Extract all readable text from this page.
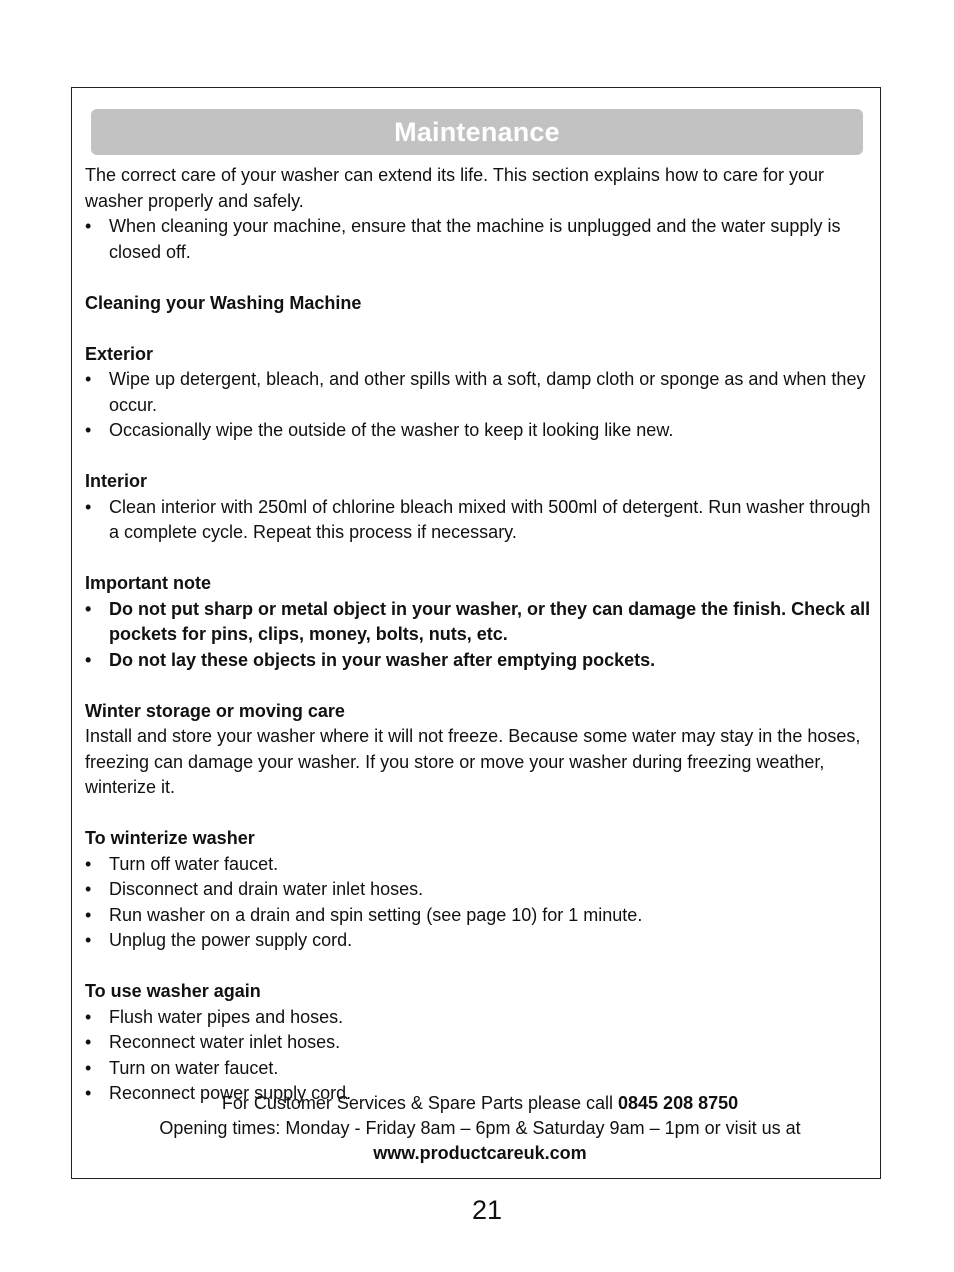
Maintenance

The correct care of your washer can extend its life. This section explains how to care for your washer properly and safely.

• When cleaning your machine, ensure that the machine is unplugged and the water supply is closed off.

Cleaning your Washing Machine

Exterior

• Wipe up detergent, bleach, and other spills with a soft, damp cloth or sponge as and when they occur.
• Occasionally wipe the outside of the washer to keep it looking like new.

Interior

• Clean interior with 250ml of chlorine bleach mixed with 500ml of detergent. Run washer through a complete cycle. Repeat this process if necessary.

Important note

• Do not put sharp or metal object in your washer, or they can damage the finish. Check all pockets for pins, clips, money, bolts, nuts, etc.
• Do not lay these objects in your washer after emptying pockets.

Winter storage or moving care

Install and store your washer where it will not freeze. Because some water may stay in the hoses, freezing can damage your washer. If you store or move your washer during freezing weather, winterize it.

To winterize washer

• Turn off water faucet.
• Disconnect and drain water inlet hoses.
• Run washer on a drain and spin setting (see page 10) for 1 minute.
• Unplug the power supply cord.

To use washer again

• Flush water pipes and hoses.
• Reconnect water inlet hoses.
• Turn on water faucet.
• Reconnect power supply cord.
For Customer Services & Spare Parts please call 0845 208 8750
Opening times: Monday - Friday 8am – 6pm & Saturday 9am – 1pm or visit us at
www.productcareuk.com
21
